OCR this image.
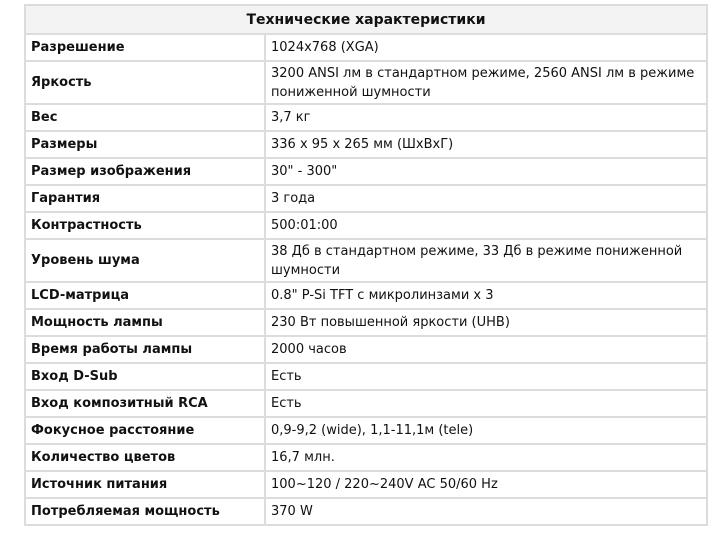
Технические характеристики	
Разрешение	1024x768 (XGA)
Яркость	3200 ANSI лм в стандартном режиме, 2560 ANSI лм в режиме пониженной шумности
Вес	3,7 кг
Размеры	336 x 95 x 265 мм (ШxВxГ)
Размер изображения	30" - 300"
Гарантия	3 года
Контрастность	500:01:00
Уровень шума	38 Дб в стандартном режиме, 33 Дб в режиме пониженной шумности
LCD-матрица	0.8" P-Si TFT с микролинзами x 3
Мощность лампы	230 Вт повышенной яркости (UHB)
Время работы лампы	2000 часов
Вход D-Sub	Есть
Вход композитный RCA	Есть
Фокусное расстояние	0,9-9,2 (wide), 1,1-11,1м (tele)
Количество цветов	16,7 млн.
Источник питания	100~120 / 220~240V AC 50/60 Hz
Потребляемая мощность	370 W
